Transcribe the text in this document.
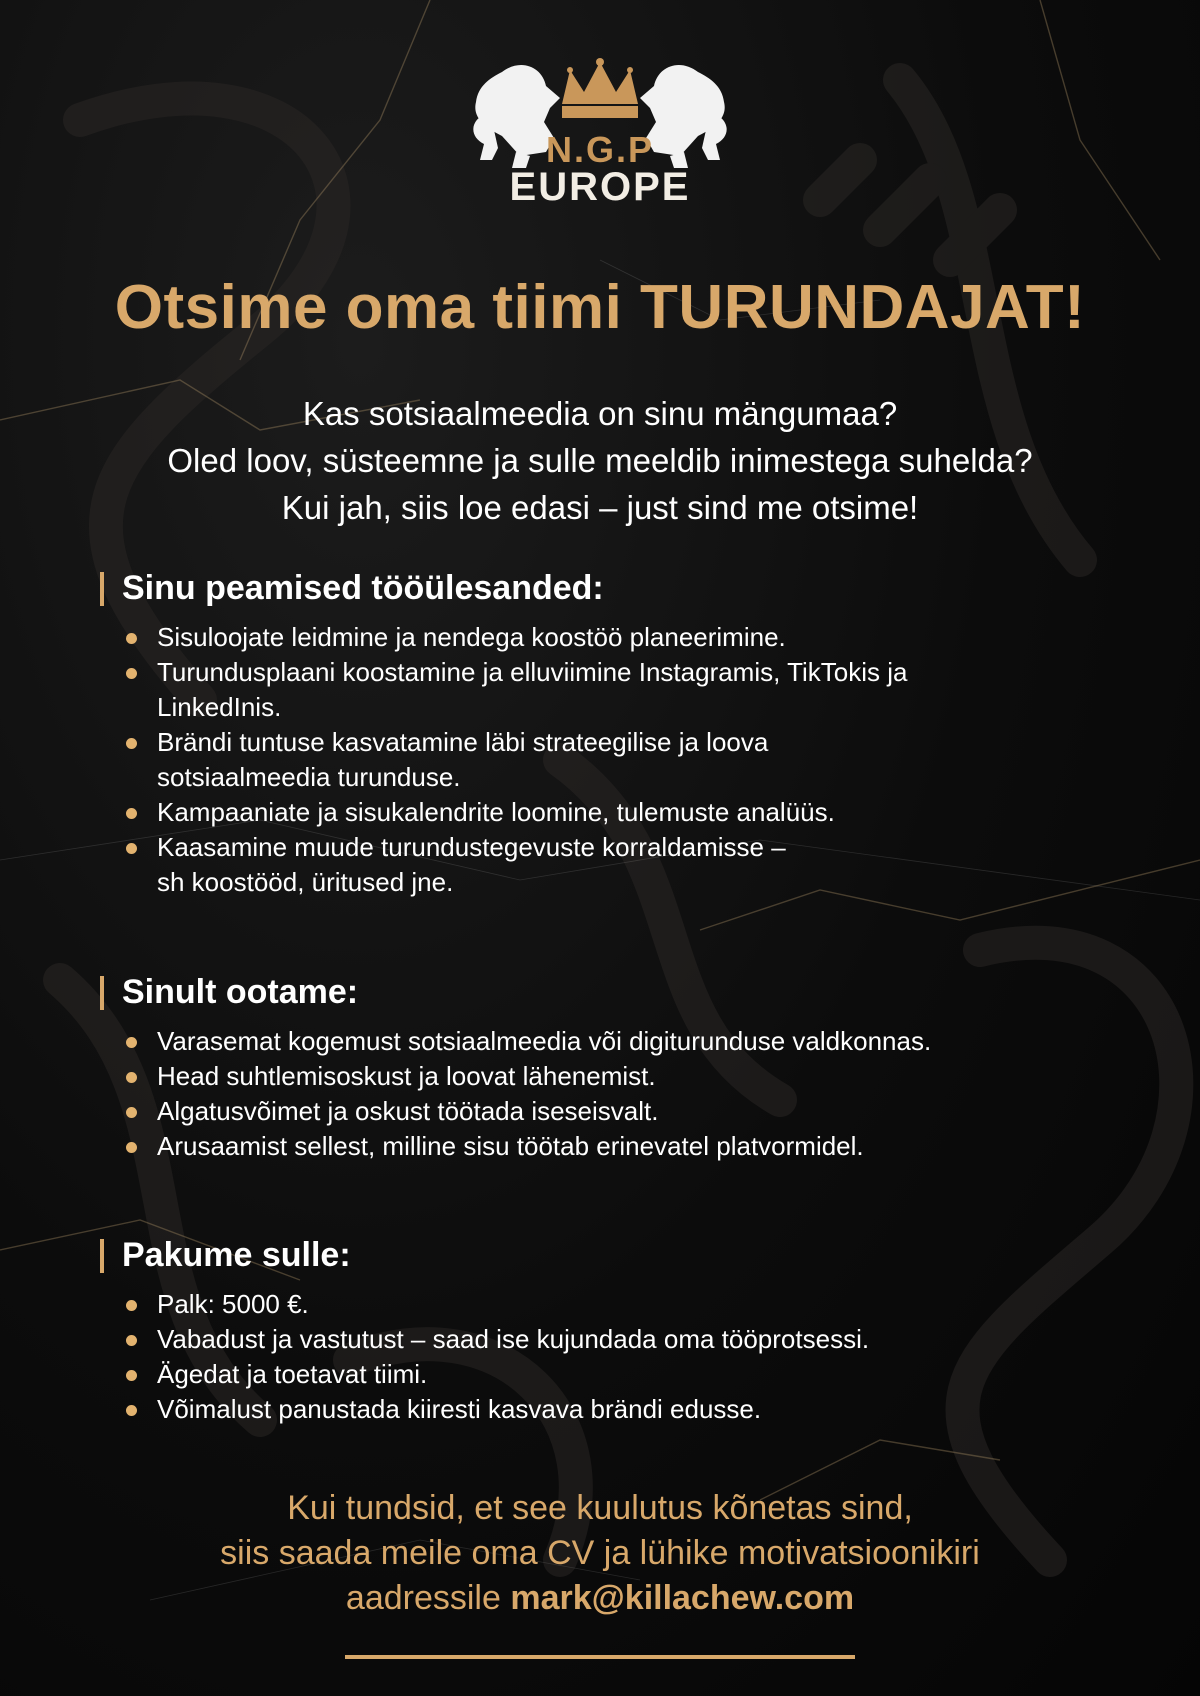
N.G.P
EUROPE
Otsime oma tiimi TURUNDAJAT!
Kas sotsiaalmeedia on sinu mängumaa?
Oled loov, süsteemne ja sulle meeldib inimestega suhelda?
Kui jah, siis loe edasi – just sind me otsime!
Sinu peamised tööülesanded:
Sisuloojate leidmine ja nendega koostöö planeerimine.
Turundusplaani koostamine ja elluviimine Instagramis, TikTokis ja
LinkedInis.
Brändi tuntuse kasvatamine läbi strateegilise ja loova
sotsiaalmeedia turunduse.
Kampaaniate ja sisukalendrite loomine, tulemuste analüüs.
Kaasamine muude turundustegevuste korraldamisse –
sh koostööd, üritused jne.
Sinult ootame:
Varasemat kogemust sotsiaalmeedia või digiturunduse valdkonnas.
Head suhtlemisoskust ja loovat lähenemist.
Algatusvõimet ja oskust töötada iseseisvalt.
Arusaamist sellest, milline sisu töötab erinevatel platvormidel.
Pakume sulle:
Palk: 5000 €.
Vabadust ja vastutust – saad ise kujundada oma tööprotsessi.
Ägedat ja toetavat tiimi.
Võimalust panustada kiiresti kasvava brändi edusse.
Kui tundsid, et see kuulutus kõnetas sind,
siis saada meile oma CV ja lühike motivatsioonikiri
aadressile mark@killachew.com
